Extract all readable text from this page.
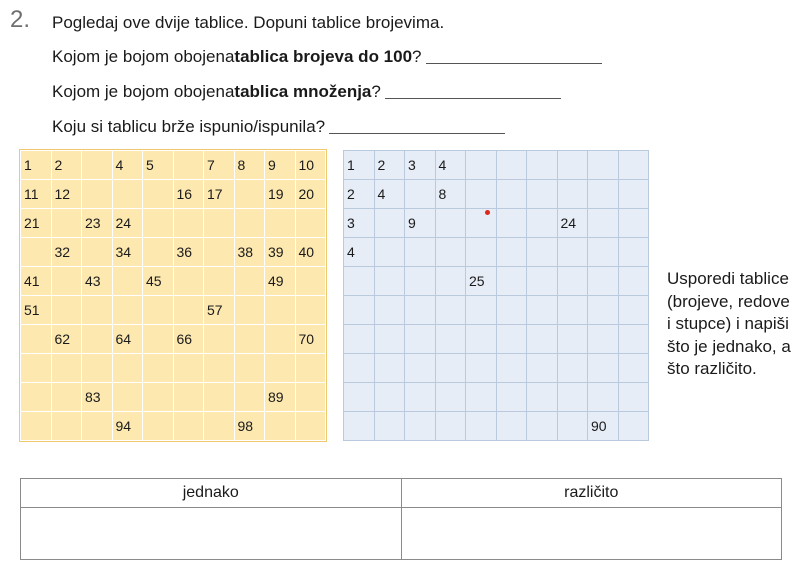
2. Pogledaj ove dvije tablice. Dopuni tablice brojevima.
Kojom je bojom obojena tablica brojeva do 100 ?
Kojom je bojom obojena tablica množenja ?
Koju si tablicu brže ispunio/ispunila?
1	2		4	5		7	8	9	10
11	12				16	17		19	20
21		23	24						
	32		34		36		38	39	40
41		43		45				49	
51						57			
	62		64		66				70

		83						89	
			94				98		
1	2	3	4						
2	4		8						
3		9					24		
4									
				25					

								90	
Usporedi tablice (brojeve, redove i stupce) i napiši što je jednako, a što različito.
jednako	različito
